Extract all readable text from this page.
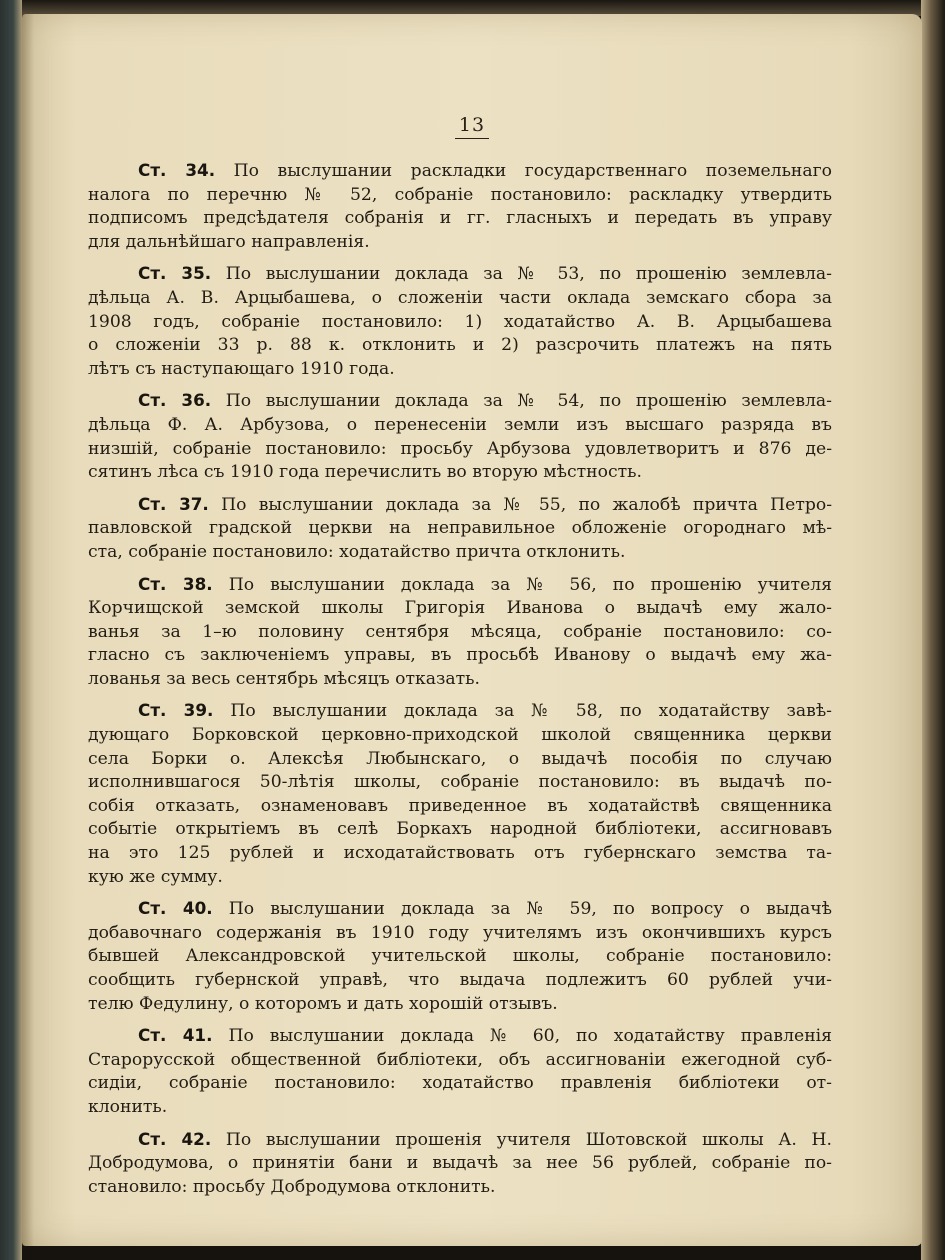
13
Ст. 34. По выслушании раскладки государственнаго поземельнаго
налога по перечню № 52, собраніе постановило: раскладку утвердить
подписомъ предсѣдателя собранія и гг. гласныхъ и передать въ управу
для дальнѣйшаго направленія.
Ст. 35. По выслушании доклада за № 53, по прошенію землевла-
дѣльца А. В. Арцыбашева, о сложеніи части оклада земскаго сбора за
1908 годъ, собраніе постановило: 1) ходатайство А. В. Арцыбашева
о сложеніи 33 р. 88 к. отклонить и 2) разсрочить платежъ на пять
лѣтъ съ наступающаго 1910 года.
Ст. 36. По выслушании доклада за № 54, по прошенію землевла-
дѣльца Ф. А. Арбузова, о перенесеніи земли изъ высшаго разряда въ
низшій, собраніе постановило: просьбу Арбузова удовлетворитъ и 876 де-
сятинъ лѣса съ 1910 года перечислить во вторую мѣстность.
Ст. 37. По выслушании доклада за № 55, по жалобѣ причта Петро-
павловской градской церкви на неправильное обложеніе огороднаго мѣ-
ста, собраніе постановило: ходатайство причта отклонить.
Ст. 38. По выслушании доклада за № 56, по прошенію учителя
Корчищской земской школы Григорія Иванова о выдачѣ ему жало-
ванья за 1–ю половину сентября мѣсяца, собраніе постановило: со-
гласно съ заключеніемъ управы, въ просьбѣ Иванову о выдачѣ ему жа-
лованья за весь сентябрь мѣсяцъ отказать.
Ст. 39. По выслушании доклада за № 58, по ходатайству завѣ-
дующаго Борковской церковно-приходской школой священника церкви
села Борки о. Алексѣя Любынскаго, о выдачѣ пособія по случаю
исполнившагося 50-лѣтія школы, собраніе постановило: въ выдачѣ по-
собія отказать, ознаменовавъ приведенное въ ходатайствѣ священника
событіе открытіемъ въ селѣ Боркахъ народной библіотеки, ассигновавъ
на это 125 рублей и исходатайствовать отъ губернскаго земства та-
кую же сумму.
Ст. 40. По выслушании доклада за № 59, по вопросу о выдачѣ
добавочнаго содержанія въ 1910 году учителямъ изъ окончившихъ курсъ
бывшей Александровской учительской школы, собраніе постановило:
сообщить губернской управѣ, что выдача подлежитъ 60 рублей учи-
телю Федулину, о которомъ и дать хорошій отзывъ.
Ст. 41. По выслушании доклада № 60, по ходатайству правленія
Старорусской общественной библіотеки, объ ассигнованіи ежегодной суб-
сидіи, собраніе постановило: ходатайство правленія библіотеки от-
клонить.
Ст. 42. По выслушании прошенія учителя Шотовской школы А. Н.
Добродумова, о принятіи бани и выдачѣ за нее 56 рублей, собраніе по-
становило: просьбу Добродумова отклонить.
